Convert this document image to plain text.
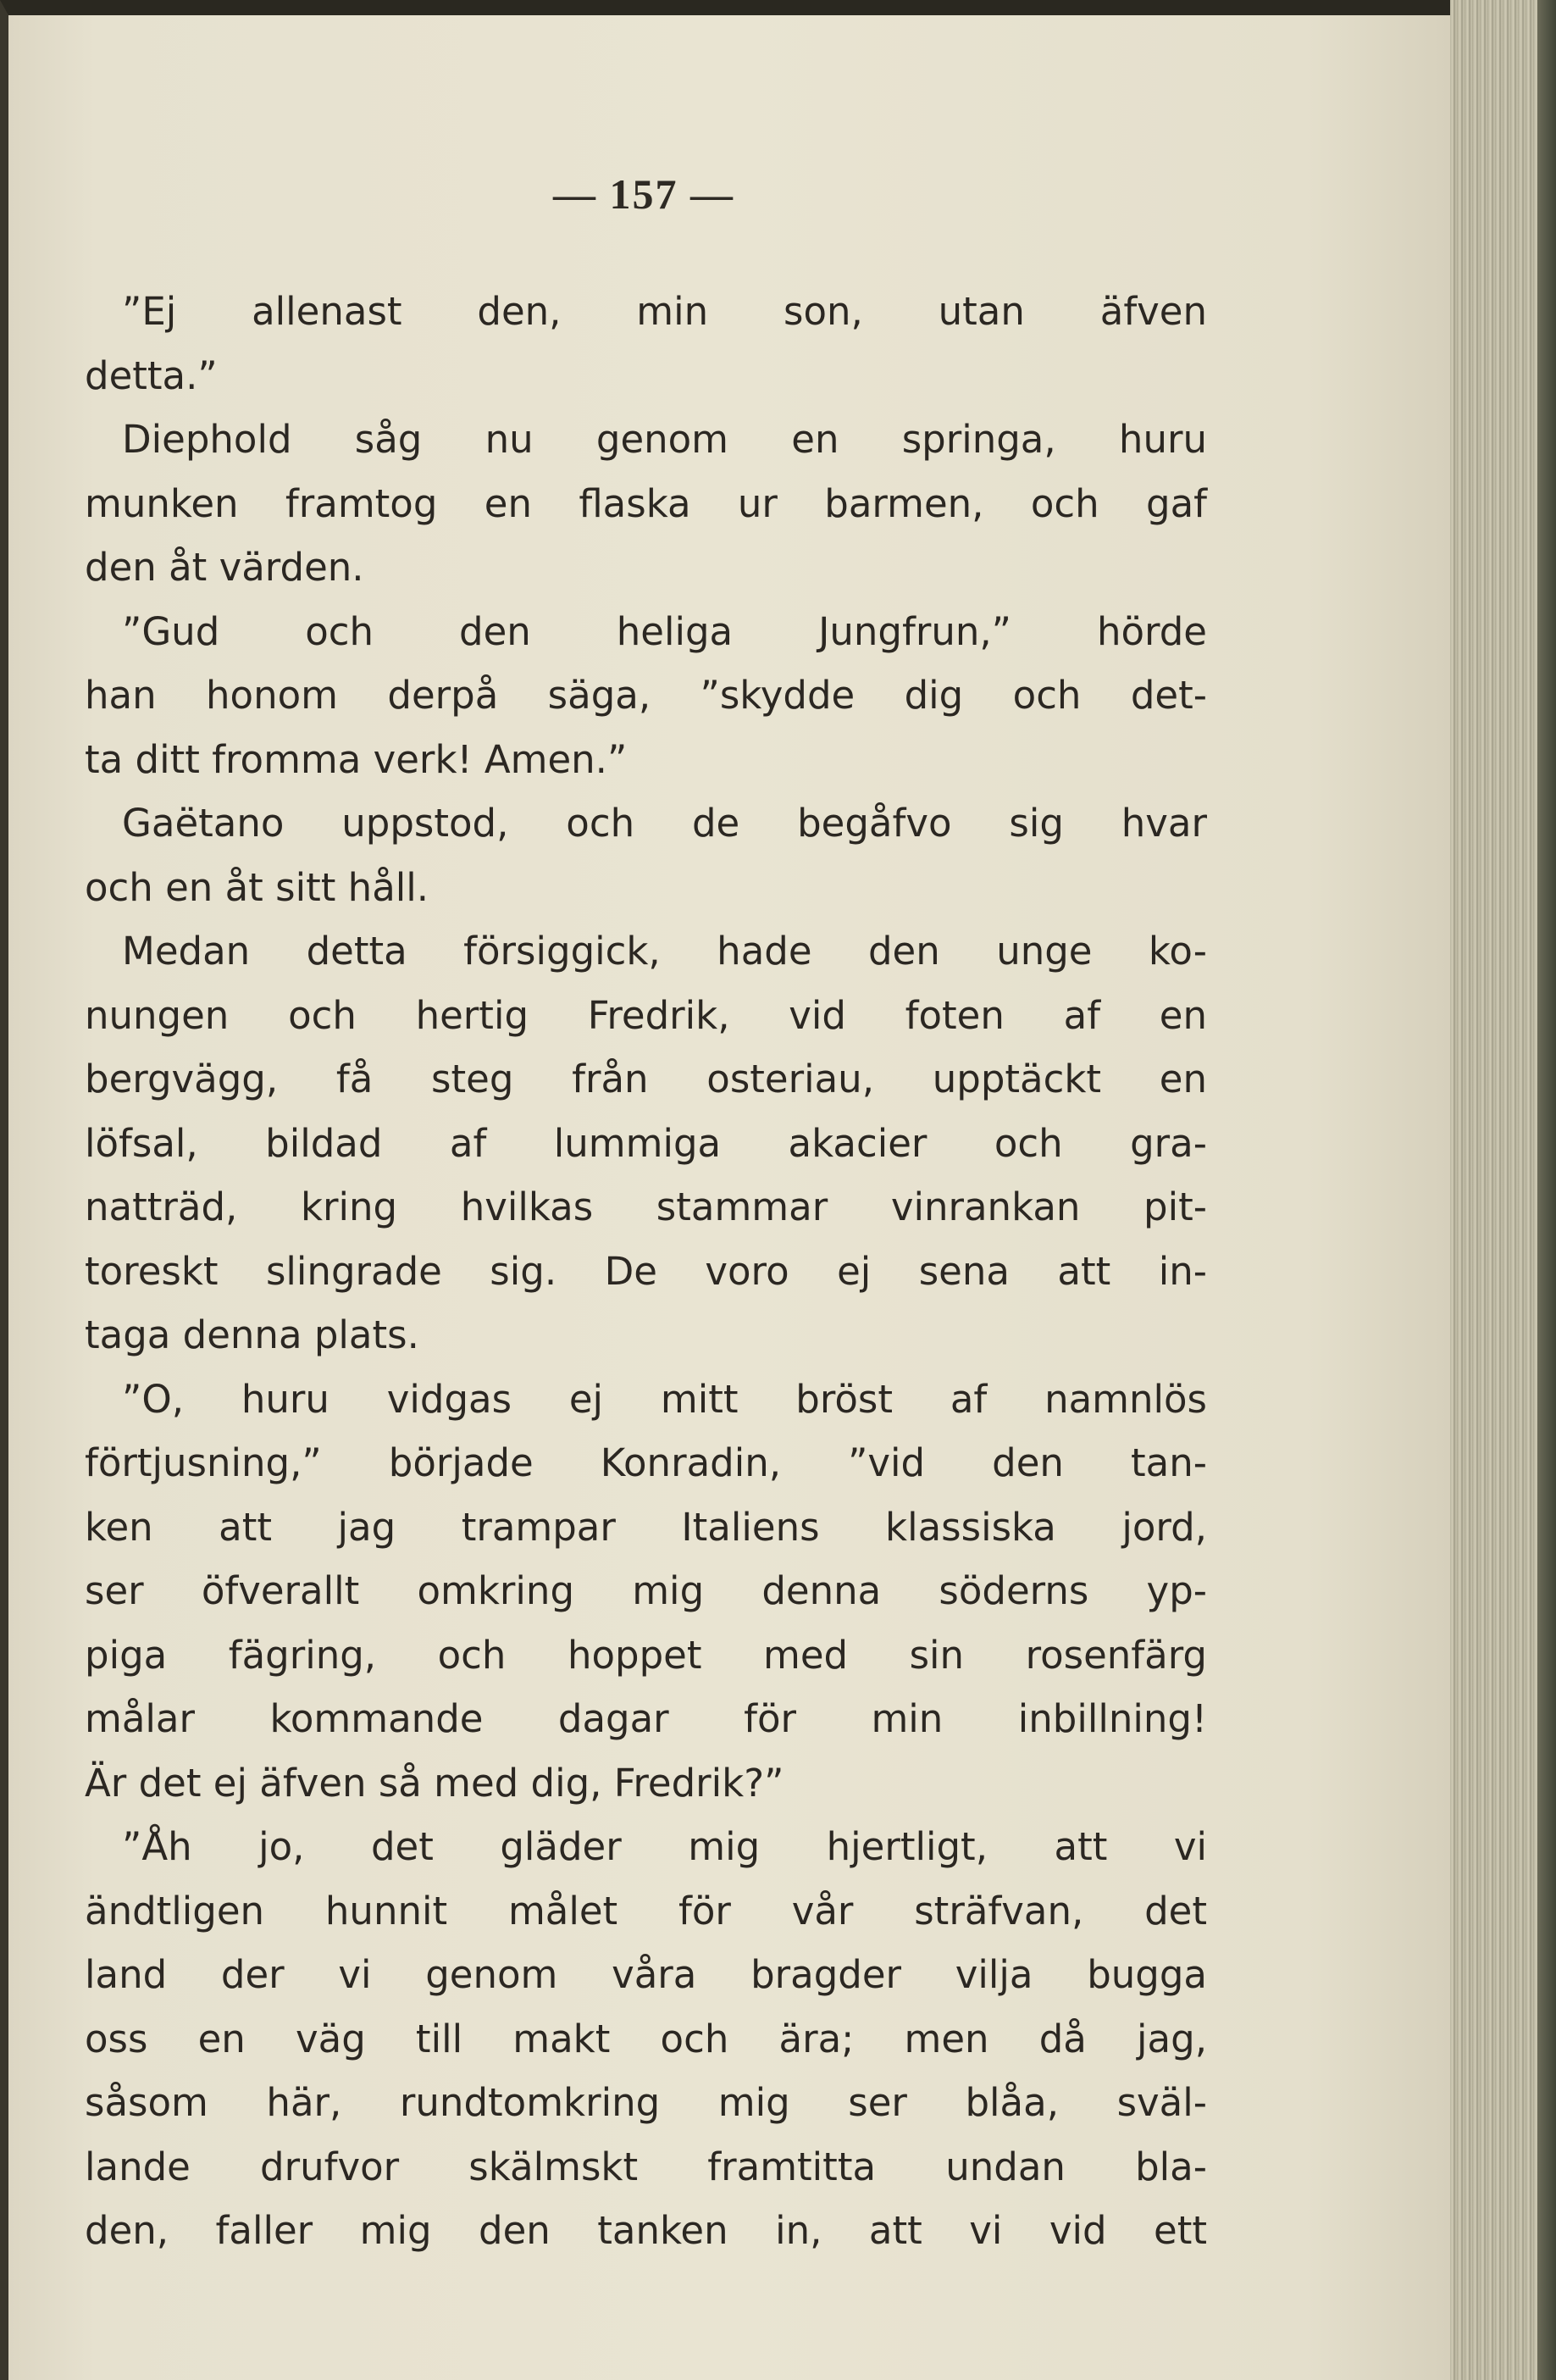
— 157 —
”Ej allenast den, min son, utan äfven
detta.”
Diephold såg nu genom en springa, huru
munken framtog en flaska ur barmen, och gaf
den åt värden.
”Gud och den heliga Jungfrun,” hörde
han honom derpå säga, ”skydde dig och det-
ta ditt fromma verk! Amen.”
Gaëtano uppstod, och de begåfvo sig hvar
och en åt sitt håll.
Medan detta försiggick, hade den unge ko-
nungen och hertig Fredrik, vid foten af en
bergvägg, få steg från osteriau, upptäckt en
löfsal, bildad af lummiga akacier och gra-
natträd, kring hvilkas stammar vinrankan pit-
toreskt slingrade sig. De voro ej sena att in-
taga denna plats.
”O, huru vidgas ej mitt bröst af namnlös
förtjusning,” började Konradin, ”vid den tan-
ken att jag trampar Italiens klassiska jord,
ser öfverallt omkring mig denna söderns yp-
piga fägring, och hoppet med sin rosenfärg
målar kommande dagar för min inbillning!
Är det ej äfven så med dig, Fredrik?”
”Åh jo, det gläder mig hjertligt, att vi
ändtligen hunnit målet för vår sträfvan, det
land der vi genom våra bragder vilja bugga
oss en väg till makt och ära; men då jag,
såsom här, rundtomkring mig ser blåa, sväl-
lande drufvor skälmskt framtitta undan bla-
den, faller mig den tanken in, att vi vid ett
